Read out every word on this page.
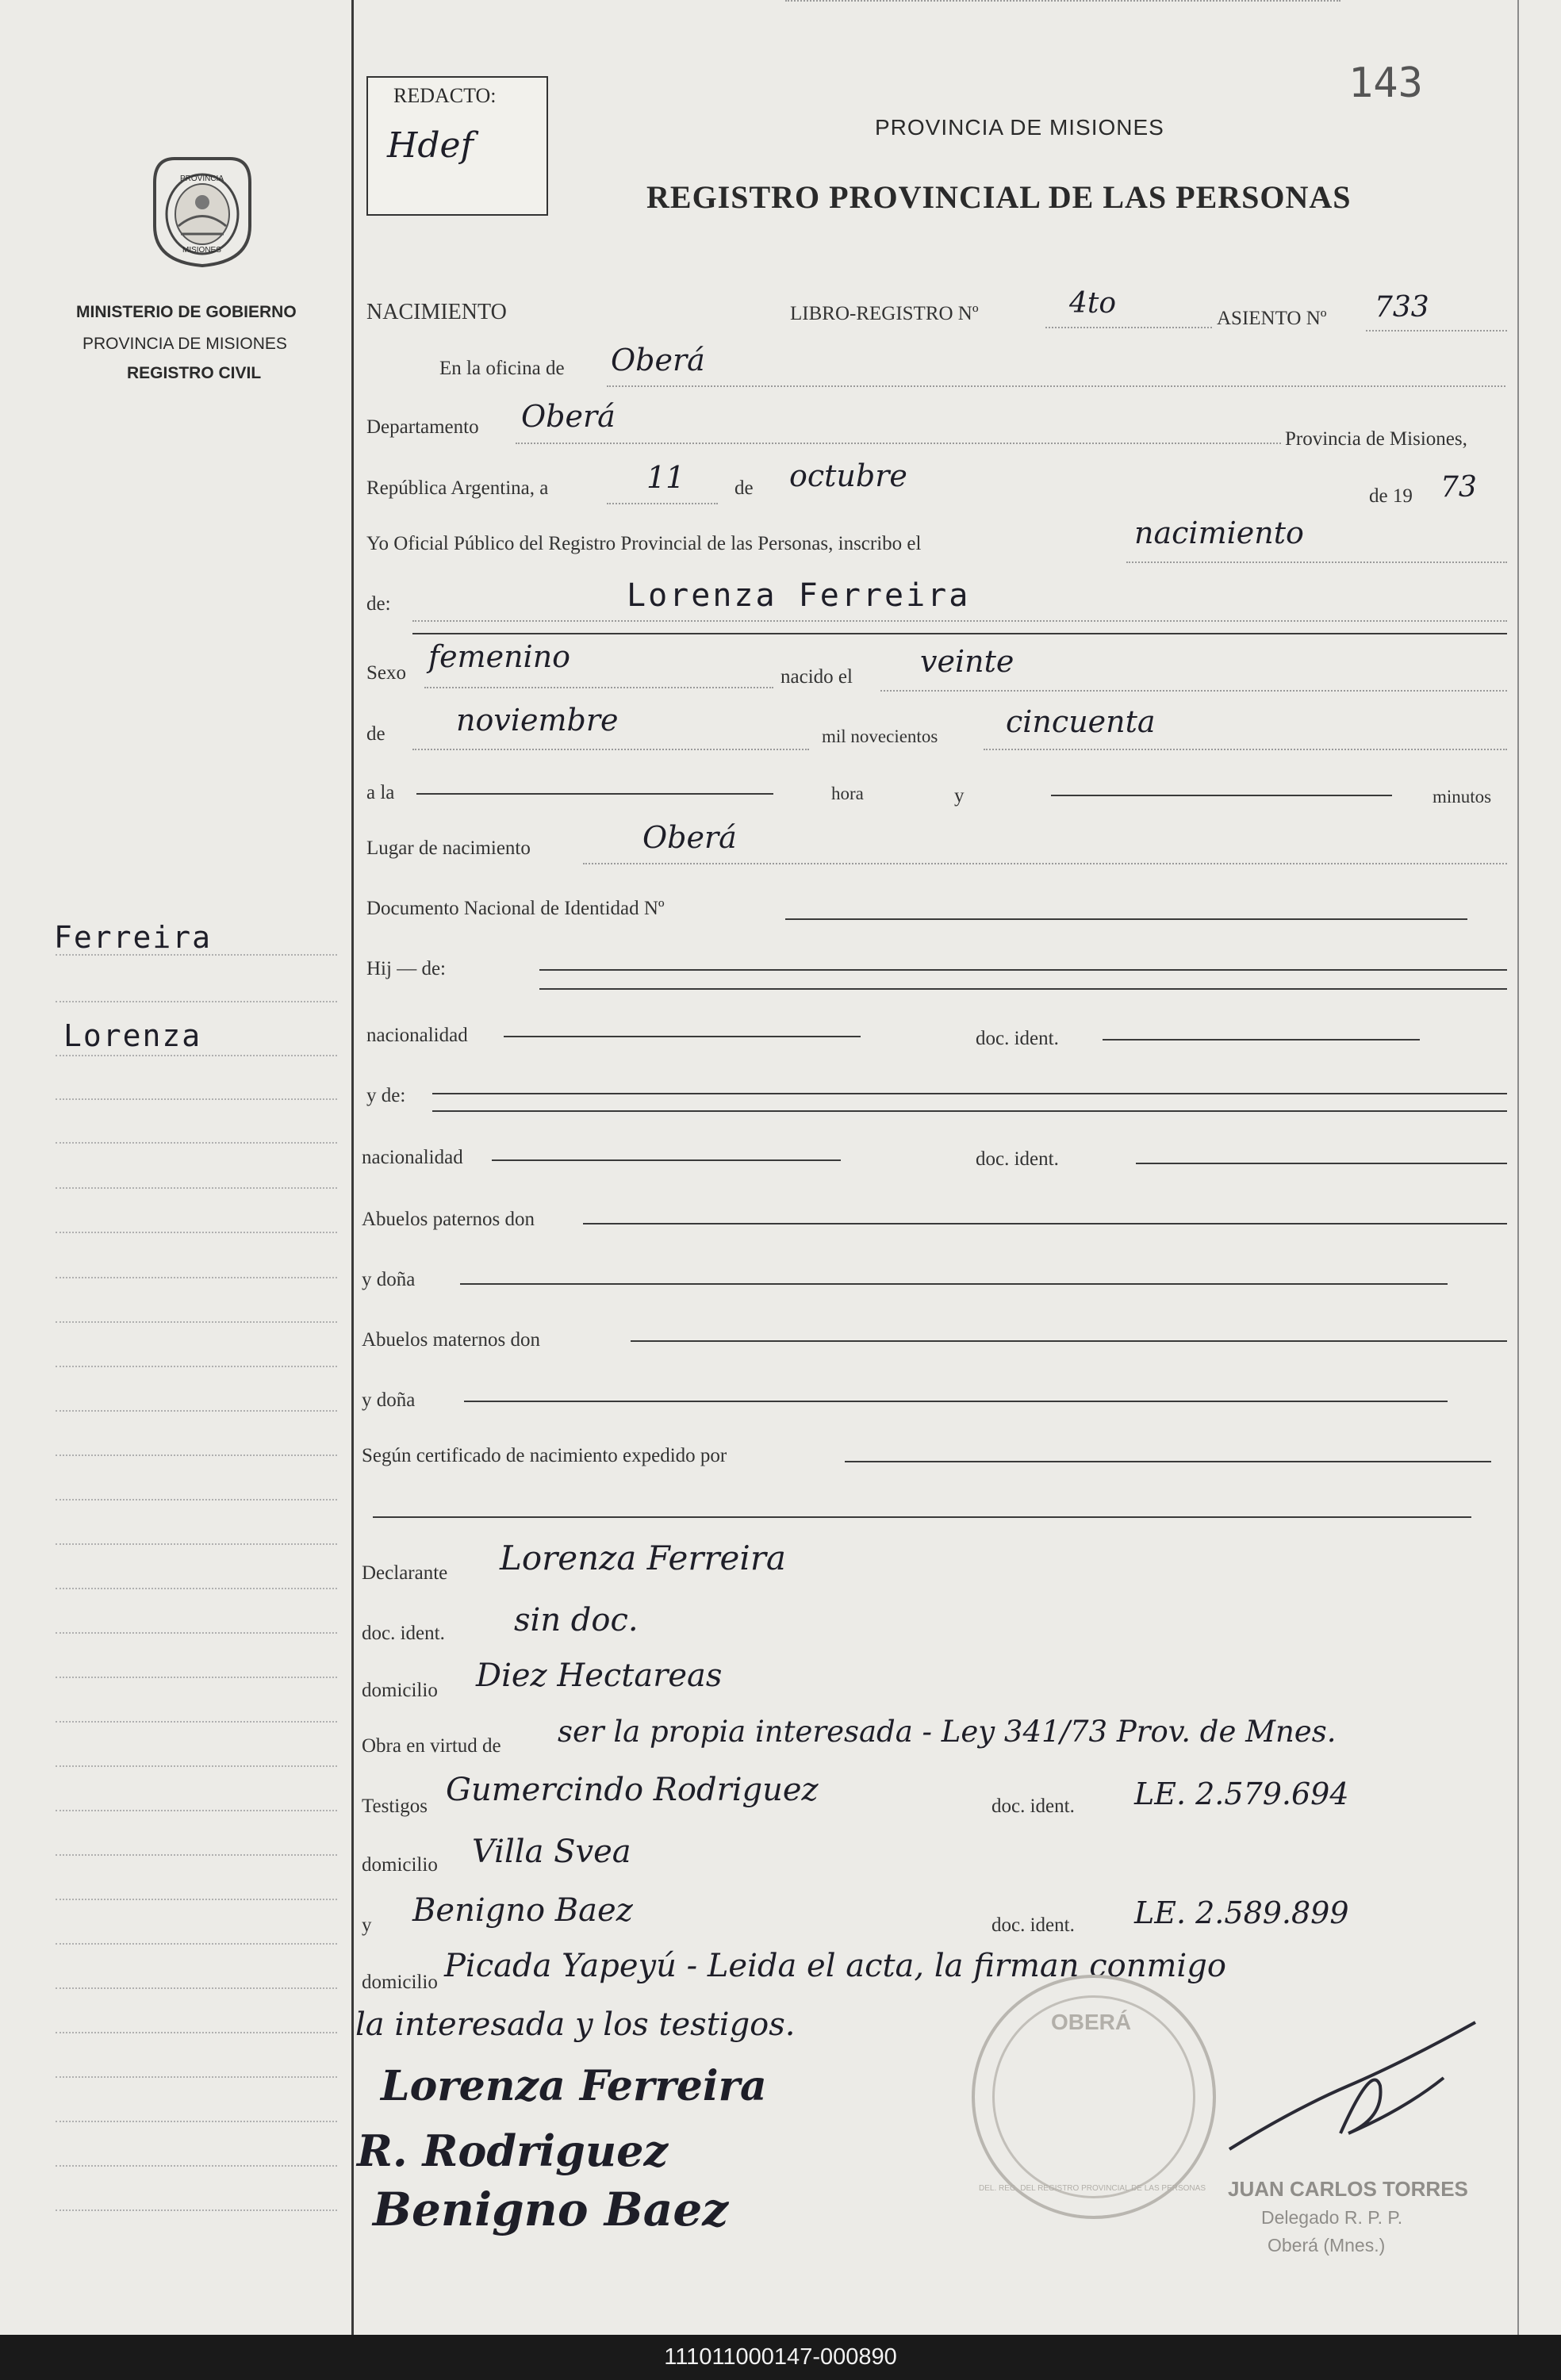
143
REDACTO:
Hdef	PROVINCIA DE MISIONES
REGISTRO PROVINCIAL DE LAS PERSONAS
PROVINCIA
MISIONES
MINISTERIO DE GOBIERNO
PROVINCIA DE MISIONES
REGISTRO CIVIL
Ferreira
Lorenza
NACIMIENTO	LIBRO-REGISTRO Nº	4to	ASIENTO Nº 733
En la oficina de Oberá
Departamento Oberá
Provincia de Misiones,
República Argentina, a	11	de octubre
de 19 73
Yo Oficial Público del Registro Provincial de las Personas, inscribo el	nacimiento
de:	Lorenza Ferreira
Sexo femenino
nacido el veinte
de noviembre	mil novecientos cincuenta
a la	hora	y	minutos
Lugar de nacimiento	Oberá
Documento Nacional de Identidad Nº
Hij — de:
nacionalidad	doc. ident.
y de:
nacionalidad	doc. ident.
Abuelos paternos don
y doña
Abuelos maternos don
y doña
Según certificado de nacimiento expedido por
Declarante Lorenza Ferreira
doc. ident. sin doc.
domicilio Diez Hectareas
Obra en virtud de ser la propia interesada - Ley 341/73 Prov. de Mnes.
Testigos Gumercindo Rodriguez	doc. ident. LE. 2.579.694
domicilio Villa Svea
y Benigno Baez	doc. ident. LE. 2.589.899
domicilio Picada Yapeyú - Leida el acta, la firman conmigo
la interesada y los testigos.
Lorenza Ferreira
R. Rodriguez
Benigno Baez
OBERÁ
DEL. REG. DEL REGISTRO PROVINCIAL DE LAS PERSONAS JUAN CARLOS TORRES
Delegado R. P. P.
Oberá (Mnes.)
111011000147-000890
